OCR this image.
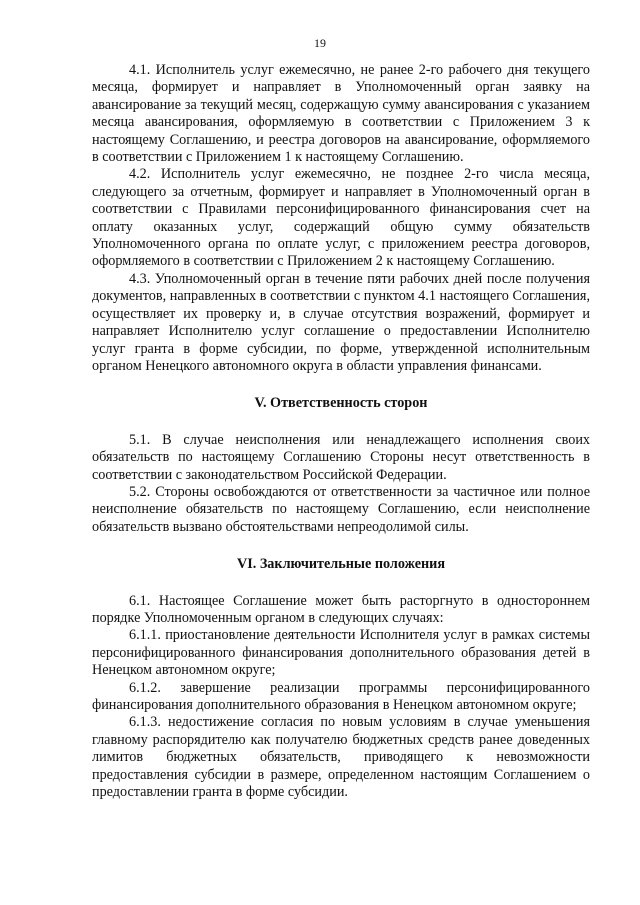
19

4.1. Исполнитель услуг ежемесячно, не ранее 2-го рабочего дня текущего месяца, формирует и направляет в Уполномоченный орган заявку на авансирование за текущий месяц, содержащую сумму авансирования с указанием месяца авансирования, оформляемую в соответствии с Приложением 3 к настоящему Соглашению, и реестра договоров на авансирование, оформляемого в соответствии с Приложением 1 к настоящему Соглашению.

4.2. Исполнитель услуг ежемесячно, не позднее 2-го числа месяца, следующего за отчетным, формирует и направляет в Уполномоченный орган в соответствии с Правилами персонифицированного финансирования счет на оплату оказанных услуг, содержащий общую сумму обязательств Уполномоченного органа по оплате услуг, с приложением реестра договоров, оформляемого в соответствии с Приложением 2 к настоящему Соглашению.

4.3. Уполномоченный орган в течение пяти рабочих дней после получения документов, направленных в соответствии с пунктом 4.1 настоящего Соглашения, осуществляет их проверку и, в случае отсутствия возражений, формирует и направляет Исполнителю услуг соглашение о предоставлении Исполнителю услуг гранта в форме субсидии, по форме, утвержденной исполнительным органом Ненецкого автономного округа в области управления финансами.

V. Ответственность сторон

5.1. В случае неисполнения или ненадлежащего исполнения своих обязательств по настоящему Соглашению Стороны несут ответственность в соответствии с законодательством Российской Федерации.

5.2. Стороны освобождаются от ответственности за частичное или полное неисполнение обязательств по настоящему Соглашению, если неисполнение обязательств вызвано обстоятельствами непреодолимой силы.

VI. Заключительные положения

6.1. Настоящее Соглашение может быть расторгнуто в одностороннем порядке Уполномоченным органом в следующих случаях:

6.1.1. приостановление деятельности Исполнителя услуг в рамках системы персонифицированного финансирования дополнительного образования детей в Ненецком автономном округе;

6.1.2. завершение реализации программы персонифицированного финансирования дополнительного образования в Ненецком автономном округе;

6.1.3. недостижение согласия по новым условиям в случае уменьшения главному распорядителю как получателю бюджетных средств ранее доведенных лимитов бюджетных обязательств, приводящего к невозможности предоставления субсидии в размере, определенном настоящим Соглашением о предоставлении гранта в форме субсидии.
